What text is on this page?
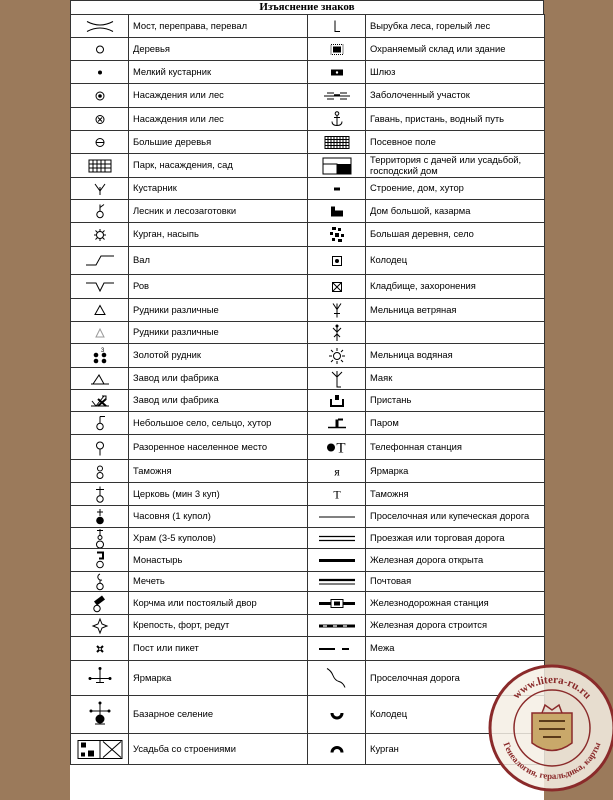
Изъяснение знаков
	Мост, переправа, перевал		Вырубка леса, горелый лес

	Деревья		Охраняемый склад или здание

	Мелкий кустарник		Шлюз

	Насаждения или лес		Заболоченный участок

	Насаждения или лес		Гавань, пристань, водный путь

	Большие деревья		Посевное поле

	Парк, насаждения, сад		Территория с дачей или усадьбой, господский дом

	Кустарник		Строение, дом, хутор

	Лесник и лесозаготовки		Дом большой, казарма

	Курган, насыпь		Большая деревня, село

	Вал		Колодец

	Ров		Кладбище, захоронения

	Рудники различные		Мельница ветряная

	Рудники различные	

3	Золотой рудник		Мельница водяная

	Завод или фабрика		Маяк

	Завод или фабрика		Пристань

	Небольшое село, сельцо, хутор		Паром

	Разоренное населенное место	T	Телефонная станция

	Таможня	я	Ярмарка

	Церковь (мин 3 куп)	T	Таможня

	Часовня (1 купол)		Проселочная или купеческая дорога

	Храм (3-5 куполов)		Проезжая или торговая дорога

	Монастырь		Железная дорога открыта

	Мечеть		Почтовая

	Корчма или постоялый двор		Железнодорожная станция

	Крепость, форт, редут		Железная дорога строится

	Пост или пикет		Межа

	Ярмарка		Проселочная дорога

	Базарное селение		Колодец

	Усадьба со строениями		Курган
www.litera-ru.ru
Генеалогия, геральдика, карты
